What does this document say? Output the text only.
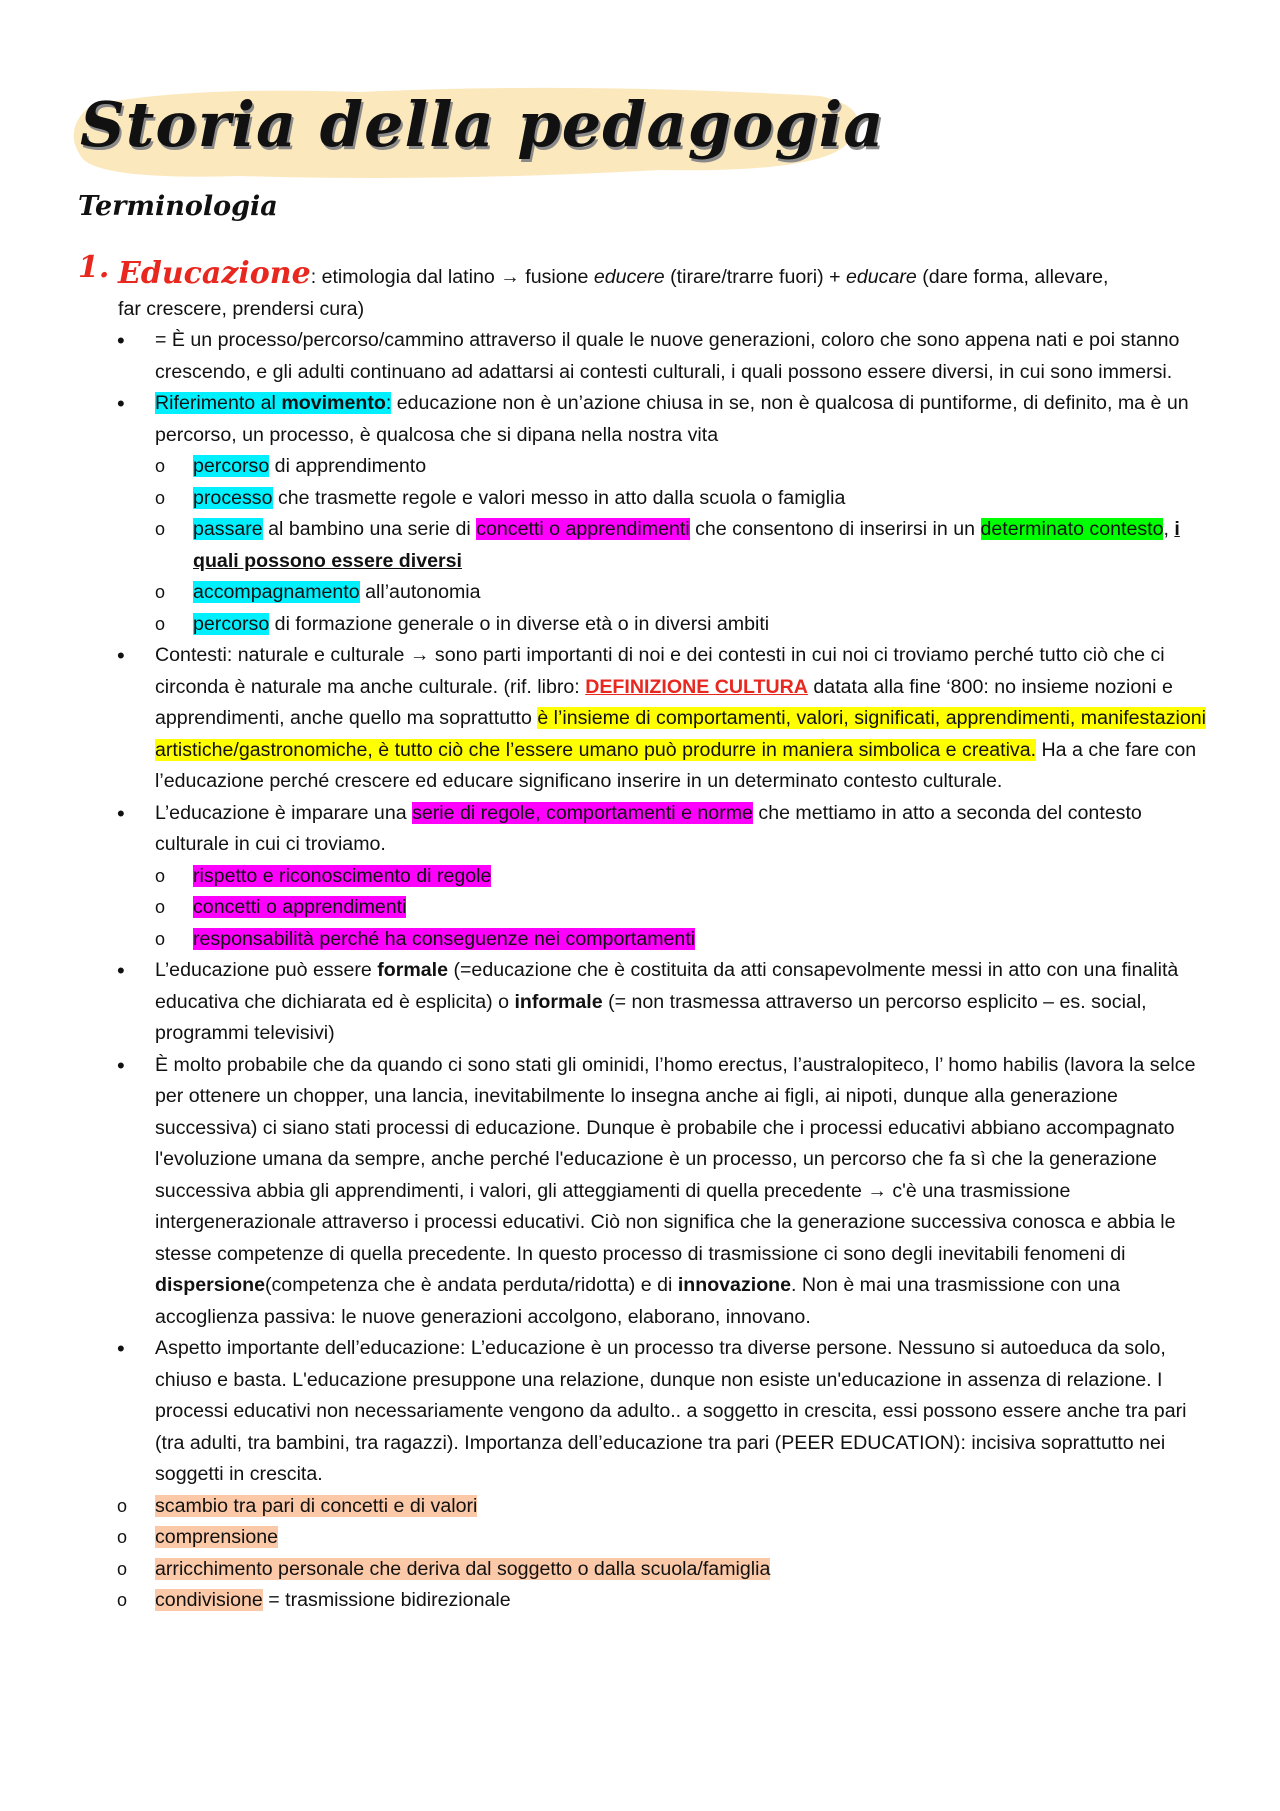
Storia della pedagogia
Terminologia
1. Educazione: etimologia dal latino → fusione educere (tirare/trarre fuori) + educare (dare forma, allevare,
far crescere, prendersi cura)
• = È un processo/percorso/cammino attraverso il quale le nuove generazioni, coloro che sono appena nati e poi stanno crescendo, e gli adulti continuano ad adattarsi ai contesti culturali, i quali possono essere diversi, in cui sono immersi.
• Riferimento al movimento: educazione non è un’azione chiusa in se, non è qualcosa di puntiforme, di definito, ma è un percorso, un processo, è qualcosa che si dipana nella nostra vita
o percorso di apprendimento
o processo che trasmette regole e valori messo in atto dalla scuola o famiglia
o passare al bambino una serie di concetti o apprendimenti che consentono di inserirsi in un determinato contesto, i quali possono essere diversi
o accompagnamento all’autonomia
o percorso di formazione generale o in diverse età o in diversi ambiti
• Contesti: naturale e culturale → sono parti importanti di noi e dei contesti in cui noi ci troviamo perché tutto ciò che ci circonda è naturale ma anche culturale. (rif. libro: DEFINIZIONE CULTURA datata alla fine ‘800: no insieme nozioni e apprendimenti, anche quello ma soprattutto è l’insieme di comportamenti, valori, significati, apprendimenti, manifestazioni artistiche/gastronomiche, è tutto ciò che l’essere umano può produrre in maniera simbolica e creativa. Ha a che fare con l’educazione perché crescere ed educare significano inserire in un determinato contesto culturale.
• L’educazione è imparare una serie di regole, comportamenti e norme che mettiamo in atto a seconda del contesto culturale in cui ci troviamo.
o rispetto e riconoscimento di regole
o concetti o apprendimenti
o responsabilità perché ha conseguenze nei comportamenti
• L’educazione può essere formale (=educazione che è costituita da atti consapevolmente messi in atto con una finalità educativa che dichiarata ed è esplicita) o informale (= non trasmessa attraverso un percorso esplicito – es. social, programmi televisivi)
• È molto probabile che da quando ci sono stati gli ominidi, l’homo erectus, l’australopiteco, l’ homo habilis (lavora la selce per ottenere un chopper, una lancia, inevitabilmente lo insegna anche ai figli, ai nipoti, dunque alla generazione successiva) ci siano stati processi di educazione. Dunque è probabile che i processi educativi abbiano accompagnato l'evoluzione umana da sempre, anche perché l'educazione è un processo, un percorso che fa sì che la generazione successiva abbia gli apprendimenti, i valori, gli atteggiamenti di quella precedente → c'è una trasmissione intergenerazionale attraverso i processi educativi. Ciò non significa che la generazione successiva conosca e abbia le stesse competenze di quella precedente. In questo processo di trasmissione ci sono degli inevitabili fenomeni di dispersione(competenza che è andata perduta/ridotta) e di innovazione. Non è mai una trasmissione con una accoglienza passiva: le nuove generazioni accolgono, elaborano, innovano.
• Aspetto importante dell’educazione: L’educazione è un processo tra diverse persone. Nessuno si autoeduca da solo, chiuso e basta. L'educazione presuppone una relazione, dunque non esiste un'educazione in assenza di relazione. I processi educativi non necessariamente vengono da adulto.. a soggetto in crescita, essi possono essere anche tra pari (tra adulti, tra bambini, tra ragazzi). Importanza dell’educazione tra pari (PEER EDUCATION): incisiva soprattutto nei soggetti in crescita.
o scambio tra pari di concetti e di valori
o comprensione
o arricchimento personale che deriva dal soggetto o dalla scuola/famiglia
o condivisione = trasmissione bidirezionale
